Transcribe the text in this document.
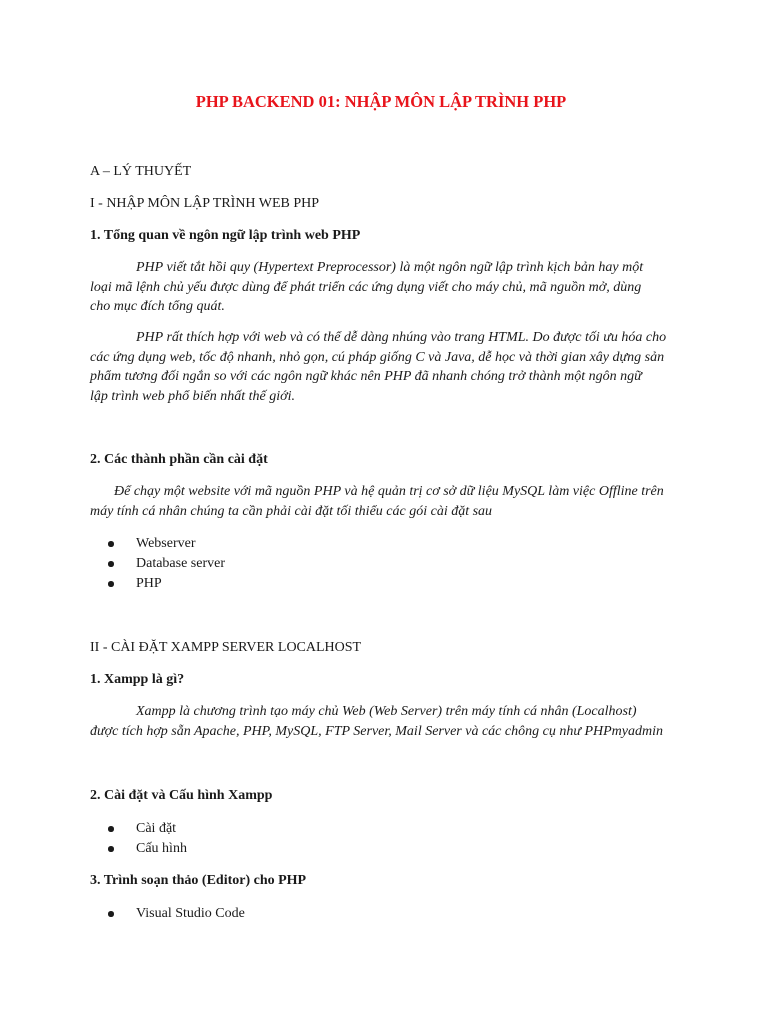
PHP BACKEND 01: NHẬP MÔN LẬP TRÌNH PHP

A – LÝ THUYẾT

I - NHẬP MÔN LẬP TRÌNH WEB PHP

1. Tổng quan về ngôn ngữ lập trình web PHP

PHP viết tắt hồi quy (Hypertext Preprocessor) là một ngôn ngữ lập trình kịch bản hay một
loại mã lệnh chủ yếu được dùng để phát triển các ứng dụng viết cho máy chủ, mã nguồn mở, dùng
cho mục đích tổng quát.
PHP rất thích hợp với web và có thể dễ dàng nhúng vào trang HTML. Do được tối ưu hóa cho
các ứng dụng web, tốc độ nhanh, nhỏ gọn, cú pháp giống C và Java, dễ học và thời gian xây dựng sản
phẩm tương đối ngắn so với các ngôn ngữ khác nên PHP đã nhanh chóng trở thành một ngôn ngữ
lập trình web phổ biến nhất thế giới.

2. Các thành phần cần cài đặt

Để chạy một website với mã nguồn PHP và hệ quản trị cơ sở dữ liệu MySQL làm việc Offline trên
máy tính cá nhân chúng ta cần phải cài đặt tối thiểu các gói cài đặt sau
Webserver
Database server
PHP

II - CÀI ĐẶT XAMPP SERVER LOCALHOST

1. Xampp là gì?

Xampp là chương trình tạo máy chủ Web (Web Server) trên máy tính cá nhân (Localhost)
được tích hợp sẵn Apache, PHP, MySQL, FTP Server, Mail Server và các chông cụ như PHPmyadmin

2. Cài đặt và Cấu hình Xampp

Cài đặt
Cấu hình

3. Trình soạn thảo (Editor) cho PHP

Visual Studio Code
